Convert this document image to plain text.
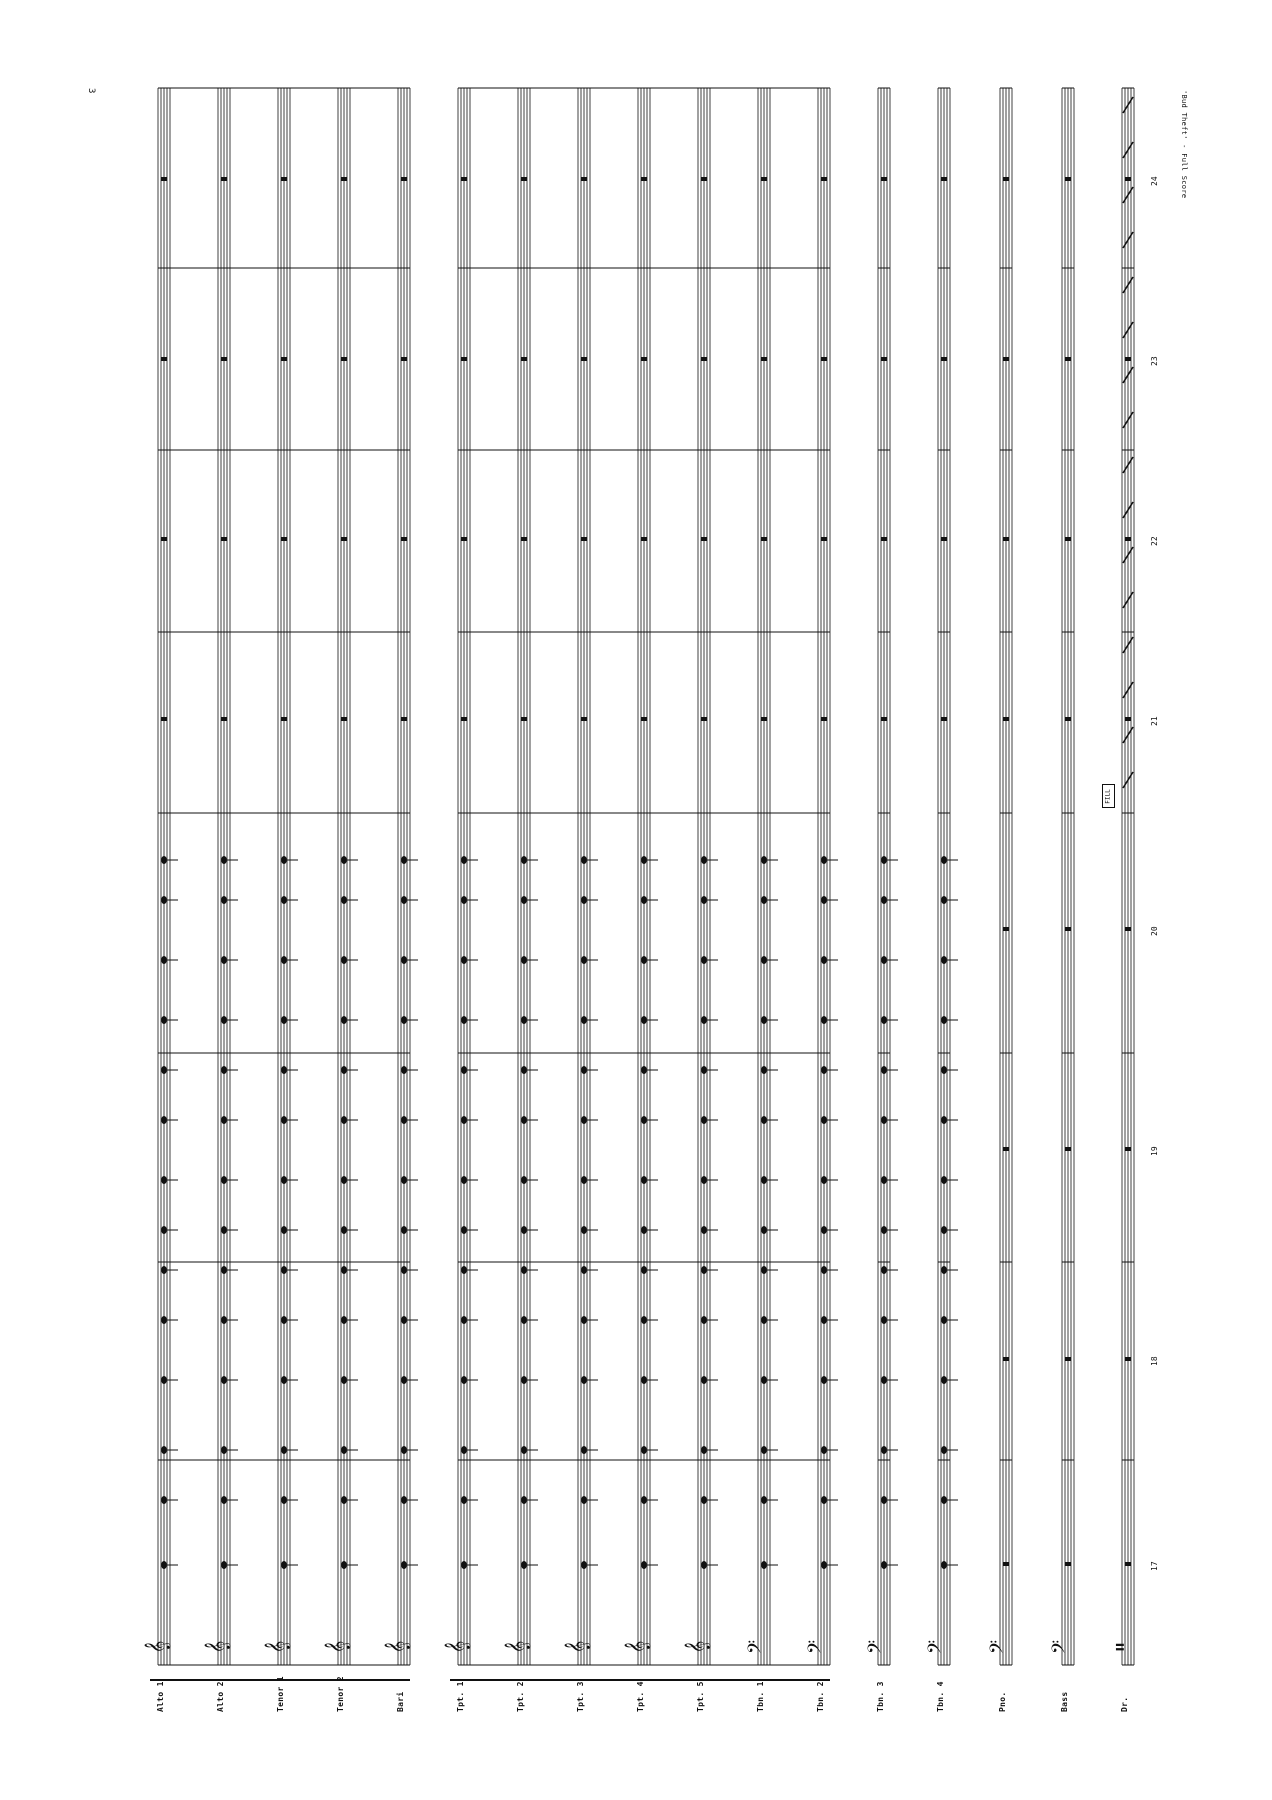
3	'Bud Theft' - Full Score
𝄞 𝄞 𝄞 𝄞 𝄞 𝄞 𝄞 𝄞 𝄞 𝄞 𝄢 𝄢 𝄢 𝄢 𝄢 𝄢 𝄥
Alto 1	Alto 2	Tenor 1	Tenor 2	Bari	Tpt. 1	Tpt. 2	Tpt. 3	Tpt. 4	Tpt. 5	Tbn. 1	Tbn. 2	Tbn. 3	Tbn. 4	Pno.	Bass	Dr.
17
18
19
20
21
22
23
24
FILL
